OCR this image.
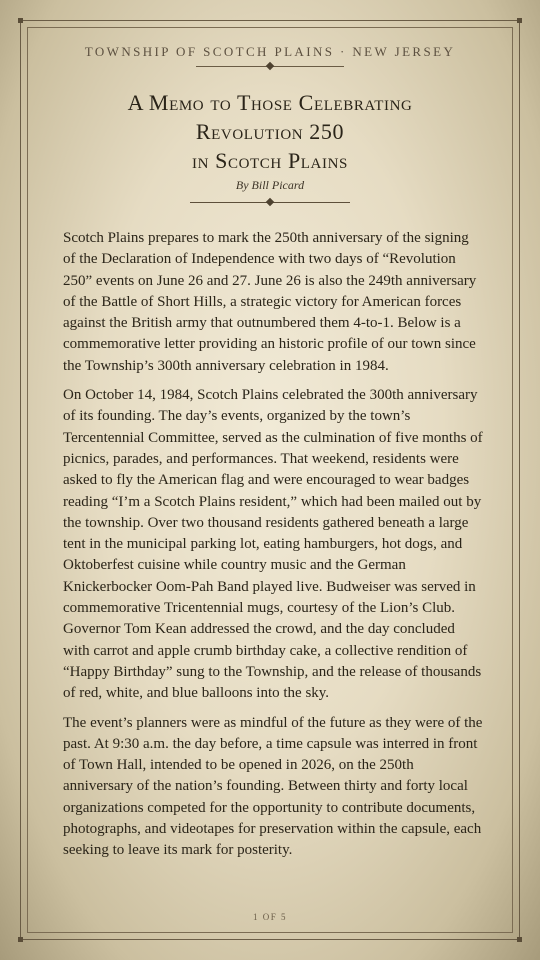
TOWNSHIP OF SCOTCH PLAINS · NEW JERSEY
A Memo to Those Celebrating
Revolution 250
in Scotch Plains
By Bill Picard

Scotch Plains prepares to mark the 250th anniversary of the signing of the Declaration of Independence with two days of “Revolution 250” events on June 26 and 27. June 26 is also the 249th anniversary of the Battle of Short Hills, a strategic victory for American forces against the British army that outnumbered them 4-to-1. Below is a commemorative letter providing an historic profile of our town since the Township’s 300th anniversary celebration in 1984.

On October 14, 1984, Scotch Plains celebrated the 300th anniversary of its founding. The day’s events, organized by the town’s Tercentennial Committee, served as the culmination of five months of picnics, parades, and performances. That weekend, residents were asked to fly the American flag and were encouraged to wear badges reading “I’m a Scotch Plains resident,” which had been mailed out by the township. Over two thousand residents gathered beneath a large tent in the municipal parking lot, eating hamburgers, hot dogs, and Oktoberfest cuisine while country music and the German Knickerbocker Oom-Pah Band played live. Budweiser was served in commemorative Tricentennial mugs, courtesy of the Lion’s Club. Governor Tom Kean addressed the crowd, and the day concluded with carrot and apple crumb birthday cake, a collective rendition of “Happy Birthday” sung to the Township, and the release of thousands of red, white, and blue balloons into the sky.

The event’s planners were as mindful of the future as they were of the past. At 9:30 a.m. the day before, a time capsule was interred in front of Town Hall, intended to be opened in 2026, on the 250th anniversary of the nation’s founding. Between thirty and forty local organizations competed for the opportunity to contribute documents, photographs, and videotapes for preservation within the capsule, each seeking to leave its mark for posterity.

1 OF 5
